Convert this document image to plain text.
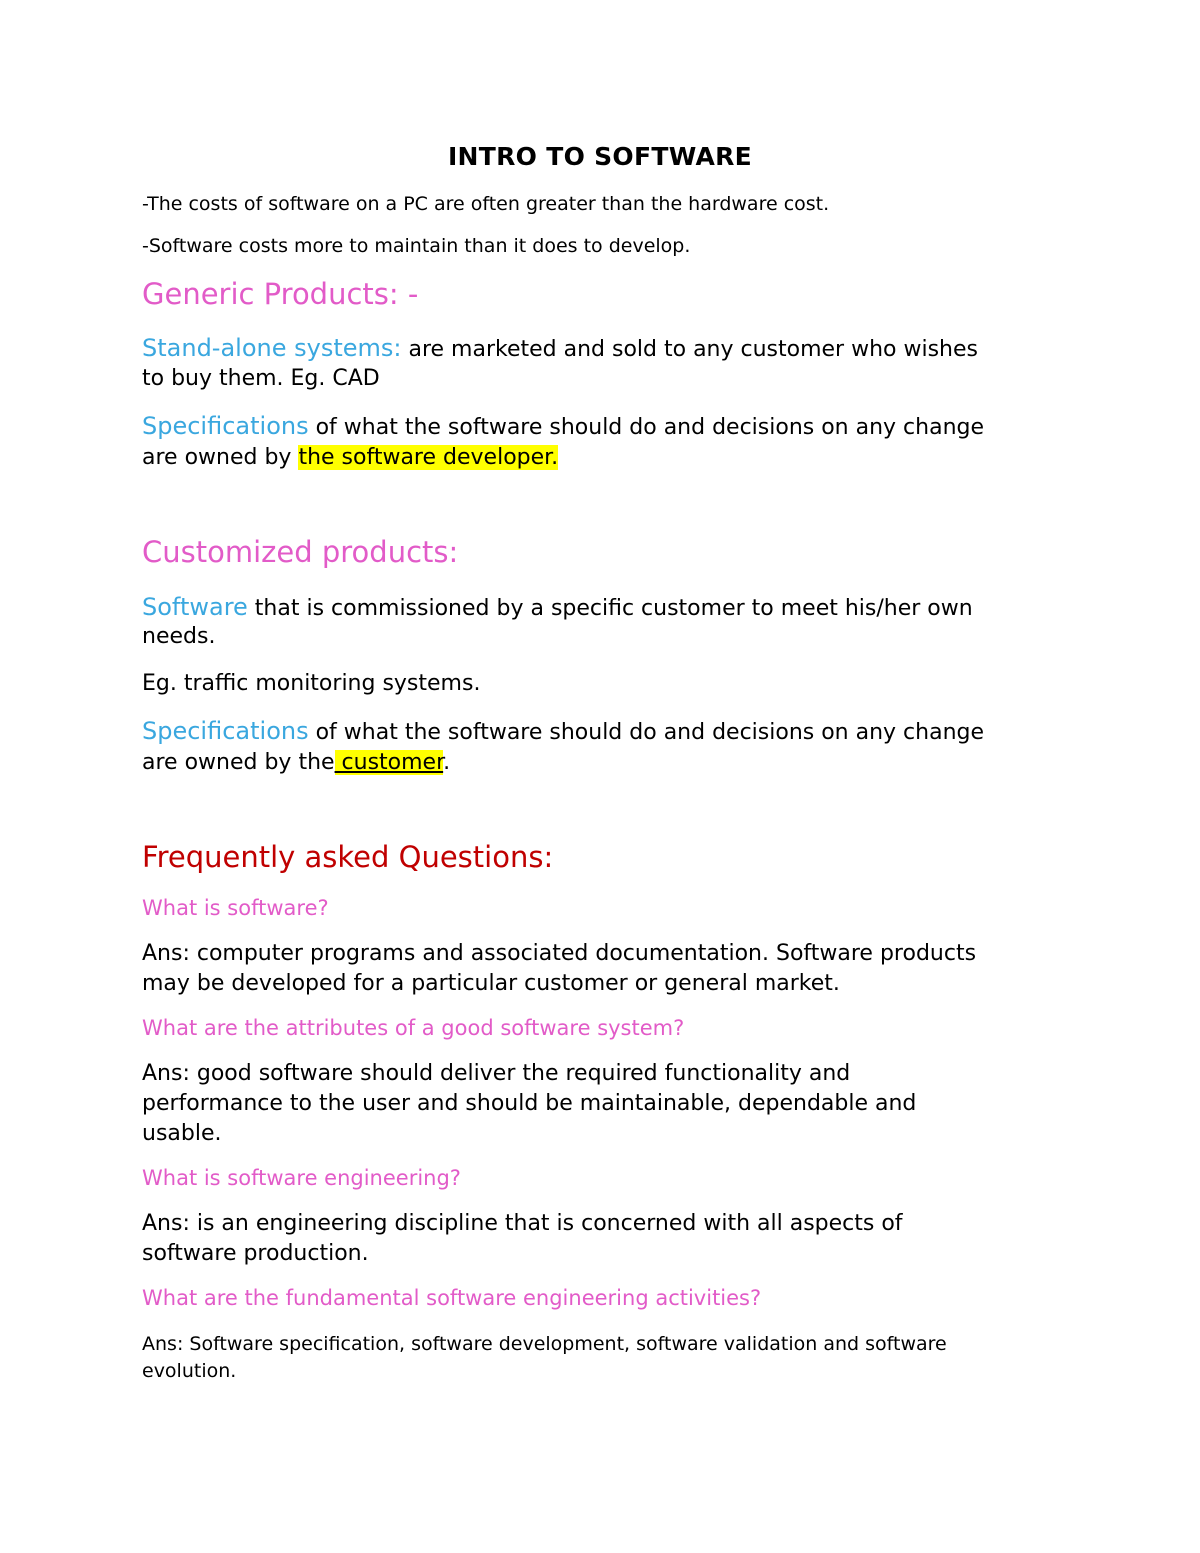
INTRO TO SOFTWARE
-The costs of software on a PC are often greater than the hardware cost.
-Software costs more to maintain than it does to develop.
Generic Products: -
Stand-alone systems: are marketed and sold to any customer who wishes
to buy them. Eg. CAD
Specifications of what the software should do and decisions on any change
are owned by the software developer.
Customized products:
Software that is commissioned by a specific customer to meet his/her own
needs.
Eg. traffic monitoring systems.
Specifications of what the software should do and decisions on any change
are owned by the customer.
Frequently asked Questions:
What is software?
Ans: computer programs and associated documentation. Software products
may be developed for a particular customer or general market.
What are the attributes of a good software system?
Ans: good software should deliver the required functionality and
performance to the user and should be maintainable, dependable and
usable.
What is software engineering?
Ans: is an engineering discipline that is concerned with all aspects of
software production.
What are the fundamental software engineering activities?
Ans: Software specification, software development, software validation and software
evolution.
